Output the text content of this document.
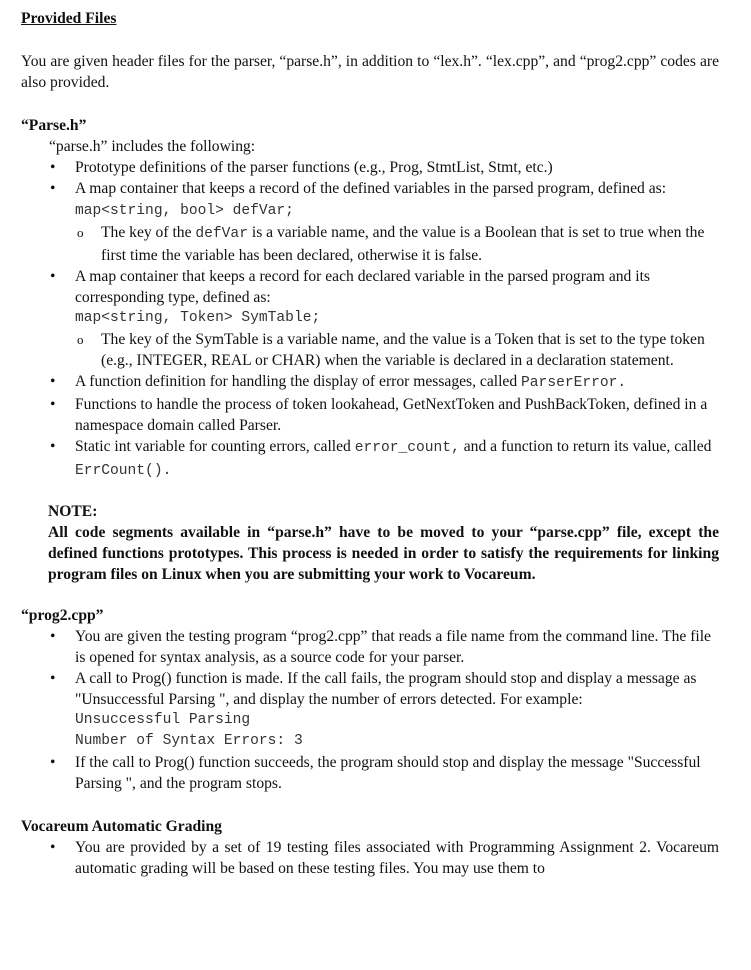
Provided Files

You are given header files for the parser, “parse.h”, in addition to “lex.h”. “lex.cpp”, and “prog2.cpp” codes are also provided.

“Parse.h”

“parse.h” includes the following:

• Prototype definitions of the parser functions (e.g., Prog, StmtList, Stmt, etc.)
• A map container that keeps a record of the defined variables in the parsed program, defined as: map<string, bool> defVar;
o The key of the defVar is a variable name, and the value is a Boolean that is set to true when the first time the variable has been declared, otherwise it is false.
• A map container that keeps a record for each declared variable in the parsed program and its corresponding type, defined as:
map<string, Token> SymTable;
o The key of the SymTable is a variable name, and the value is a Token that is set to the type token (e.g., INTEGER, REAL or CHAR) when the variable is declared in a declaration statement.
• A function definition for handling the display of error messages, called ParserError.
• Functions to handle the process of token lookahead, GetNextToken and PushBackToken, defined in a namespace domain called Parser.
• Static int variable for counting errors, called error_count, and a function to return its value, called ErrCount().

NOTE:

All code segments available in “parse.h” have to be moved to your “parse.cpp” file, except the defined functions prototypes. This process is needed in order to satisfy the requirements for linking program files on Linux when you are submitting your work to Vocareum.

“prog2.cpp”

• You are given the testing program “prog2.cpp” that reads a file name from the command line. The file is opened for syntax analysis, as a source code for your parser.
• A call to Prog() function is made. If the call fails, the program should stop and display a message as "Unsuccessful Parsing ", and display the number of errors detected. For example:
Unsuccessful Parsing
Number of Syntax Errors: 3
• If the call to Prog() function succeeds, the program should stop and display the message "Successful Parsing ", and the program stops.

Vocareum Automatic Grading

• You are provided by a set of 19 testing files associated with Programming Assignment 2. Vocareum automatic grading will be based on these testing files. You may use them to
